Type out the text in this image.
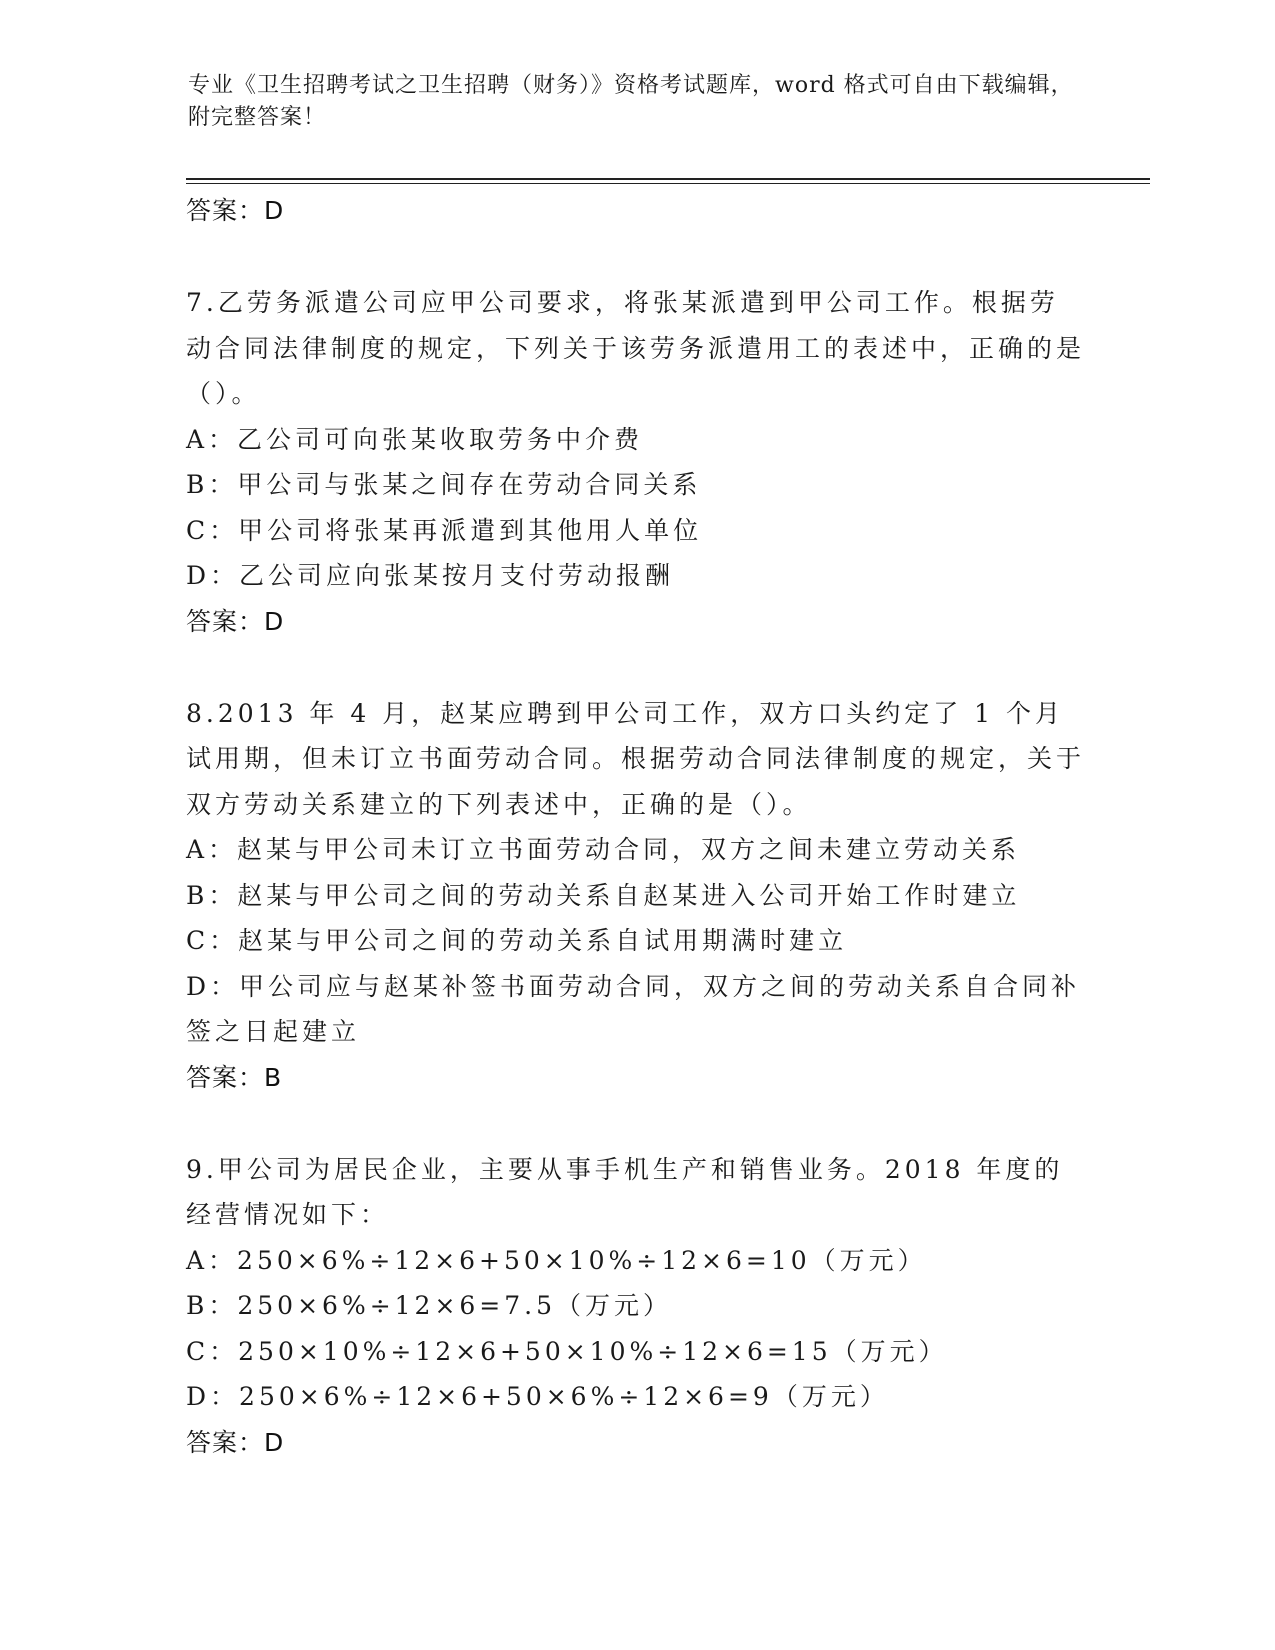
专业《卫生招聘考试之卫生招聘（财务）》资格考试题库，word 格式可自由下载编辑，附完整答案！
答案：D

7.乙劳务派遣公司应甲公司要求，将张某派遣到甲公司工作。根据劳动合同法律制度的规定，下列关于该劳务派遣用工的表述中，正确的是（）。

A：乙公司可向张某收取劳务中介费

B：甲公司与张某之间存在劳动合同关系

C：甲公司将张某再派遣到其他用人单位

D：乙公司应向张某按月支付劳动报酬

答案：D

8.2013 年 4 月，赵某应聘到甲公司工作，双方口头约定了 1 个月试用期，但未订立书面劳动合同。根据劳动合同法律制度的规定，关于双方劳动关系建立的下列表述中，正确的是（）。

A：赵某与甲公司未订立书面劳动合同，双方之间未建立劳动关系

B：赵某与甲公司之间的劳动关系自赵某进入公司开始工作时建立

C：赵某与甲公司之间的劳动关系自试用期满时建立

D：甲公司应与赵某补签书面劳动合同，双方之间的劳动关系自合同补签之日起建立

答案：B

9.甲公司为居民企业，主要从事手机生产和销售业务。2018 年度的经营情况如下：

A：250×6%÷12×6+50×10%÷12×6=10（万元）

B：250×6%÷12×6=7.5（万元）

C：250×10%÷12×6+50×10%÷12×6=15（万元）

D：250×6%÷12×6+50×6%÷12×6=9（万元）

答案：D
